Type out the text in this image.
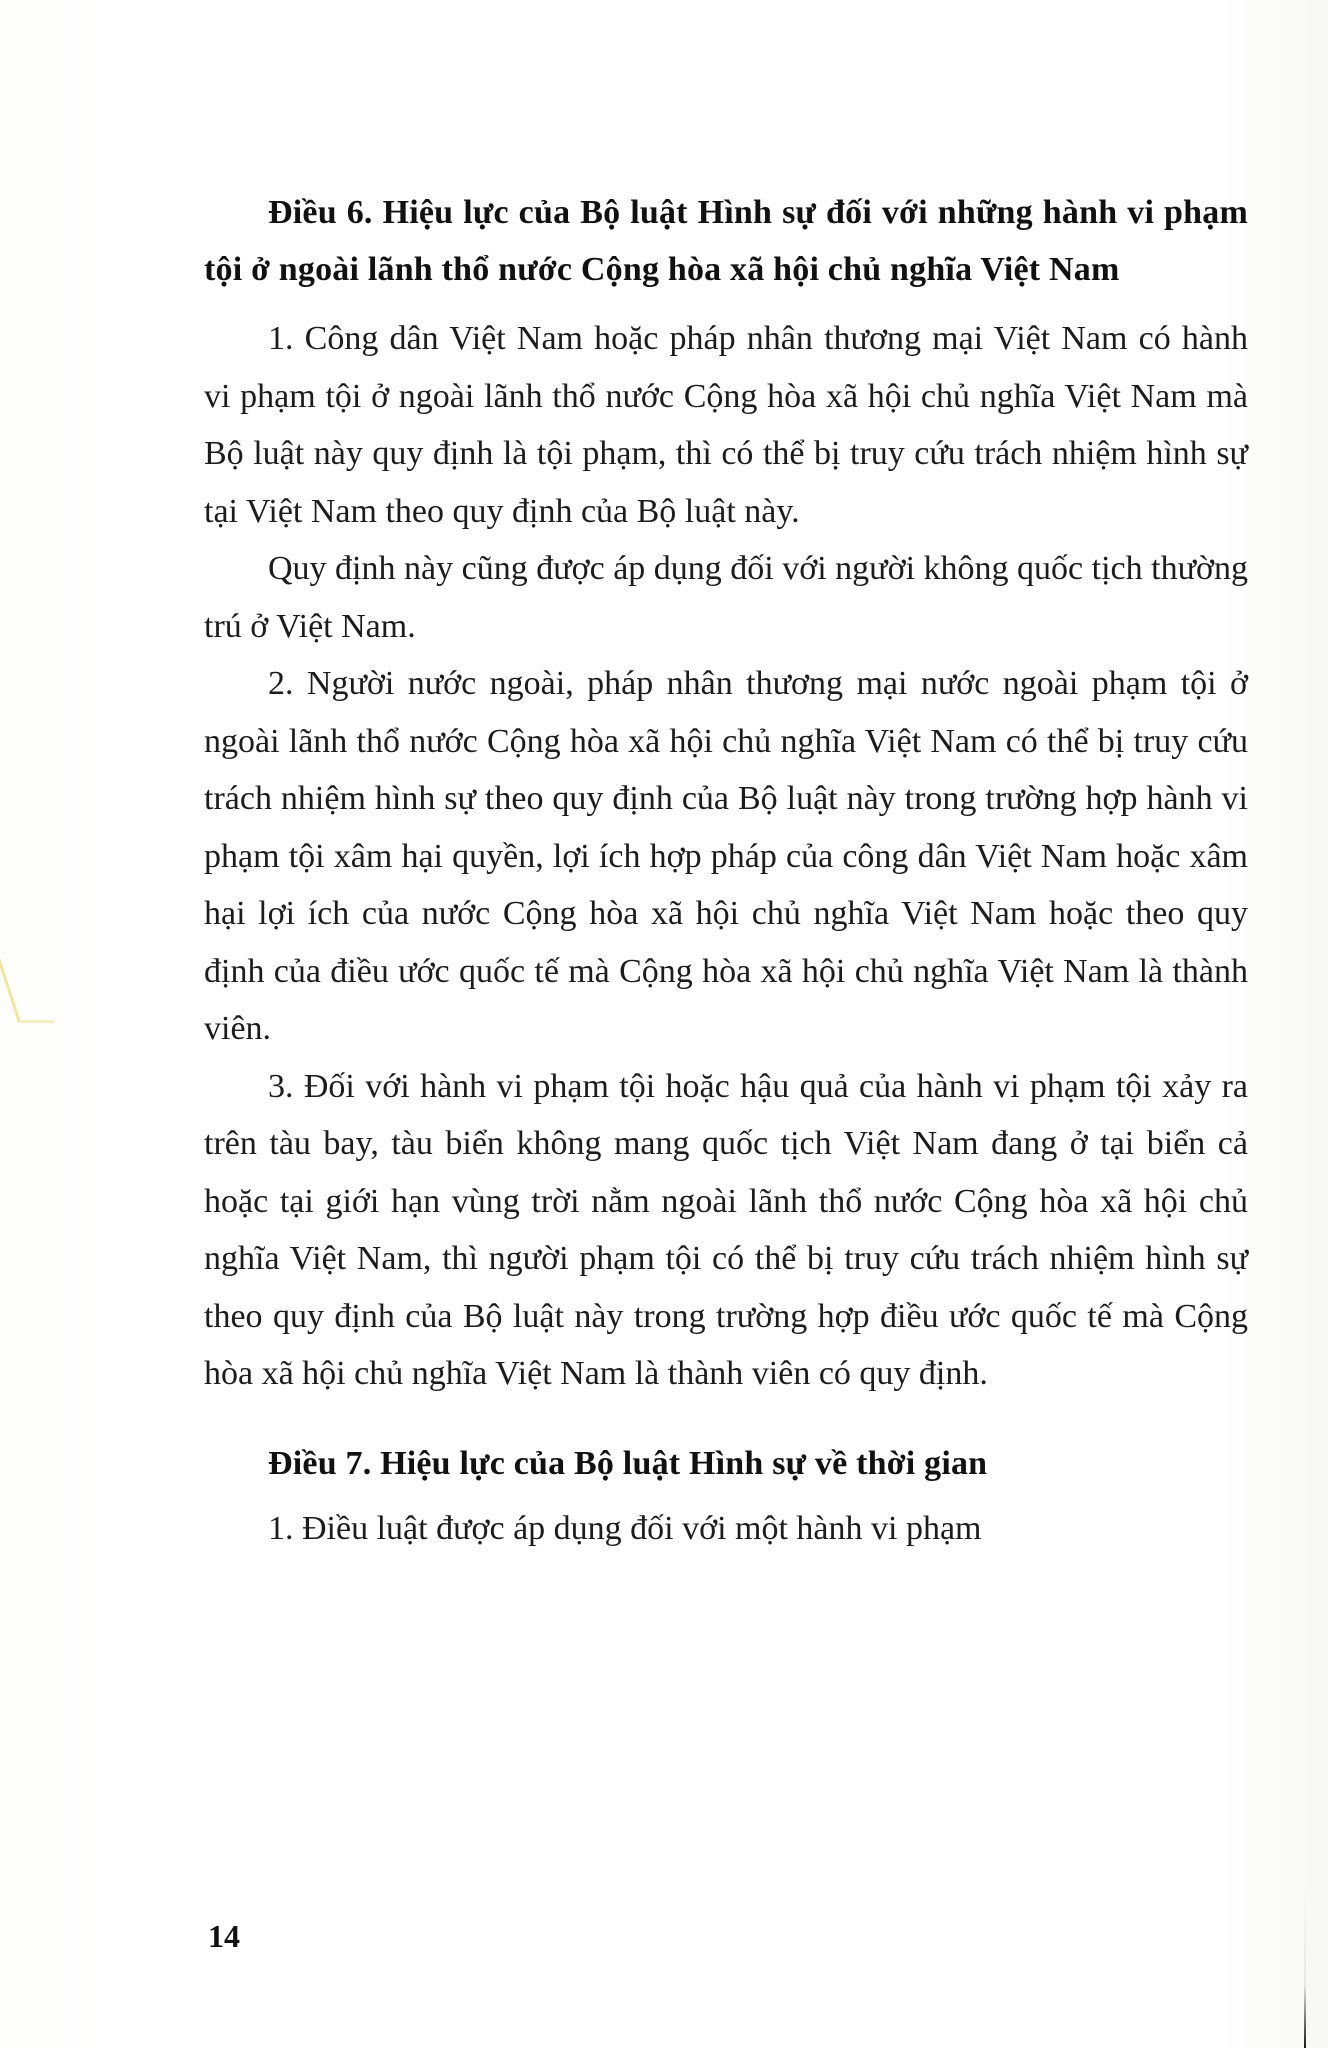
Điều 6. Hiệu lực của Bộ luật Hình sự đối với những hành vi phạm tội ở ngoài lãnh thổ nước Cộng hòa xã hội chủ nghĩa Việt Nam

1. Công dân Việt Nam hoặc pháp nhân thương mại Việt Nam có hành vi phạm tội ở ngoài lãnh thổ nước Cộng hòa xã hội chủ nghĩa Việt Nam mà Bộ luật này quy định là tội phạm, thì có thể bị truy cứu trách nhiệm hình sự tại Việt Nam theo quy định của Bộ luật này.

Quy định này cũng được áp dụng đối với người không quốc tịch thường trú ở Việt Nam.

2. Người nước ngoài, pháp nhân thương mại nước ngoài phạm tội ở ngoài lãnh thổ nước Cộng hòa xã hội chủ nghĩa Việt Nam có thể bị truy cứu trách nhiệm hình sự theo quy định của Bộ luật này trong trường hợp hành vi phạm tội xâm hại quyền, lợi ích hợp pháp của công dân Việt Nam hoặc xâm hại lợi ích của nước Cộng hòa xã hội chủ nghĩa Việt Nam hoặc theo quy định của điều ước quốc tế mà Cộng hòa xã hội chủ nghĩa Việt Nam là thành viên.

3. Đối với hành vi phạm tội hoặc hậu quả của hành vi phạm tội xảy ra trên tàu bay, tàu biển không mang quốc tịch Việt Nam đang ở tại biển cả hoặc tại giới hạn vùng trời nằm ngoài lãnh thổ nước Cộng hòa xã hội chủ nghĩa Việt Nam, thì người phạm tội có thể bị truy cứu trách nhiệm hình sự theo quy định của Bộ luật này trong trường hợp điều ước quốc tế mà Cộng hòa xã hội chủ nghĩa Việt Nam là thành viên có quy định.

Điều 7. Hiệu lực của Bộ luật Hình sự về thời gian

1. Điều luật được áp dụng đối với một hành vi phạm

14
